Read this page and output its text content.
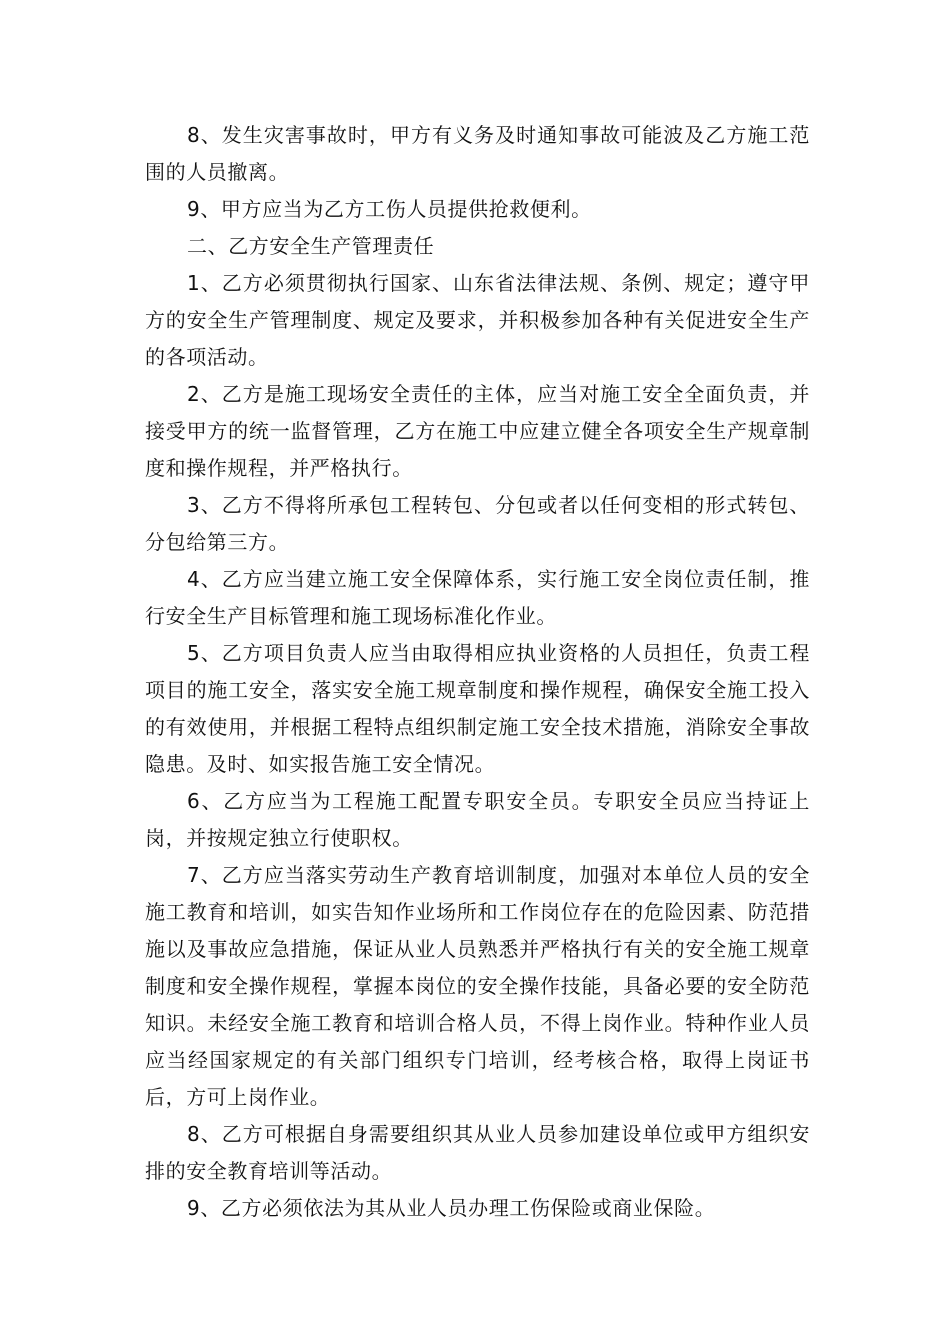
8、发生灾害事故时，甲方有义务及时通知事故可能波及乙方施工范围的人员撤离。

9、甲方应当为乙方工伤人员提供抢救便利。

二、乙方安全生产管理责任

1、乙方必须贯彻执行国家、山东省法律法规、条例、规定；遵守甲方的安全生产管理制度、规定及要求，并积极参加各种有关促进安全生产的各项活动。

2、乙方是施工现场安全责任的主体，应当对施工安全全面负责，并接受甲方的统一监督管理，乙方在施工中应建立健全各项安全生产规章制度和操作规程，并严格执行。

3、乙方不得将所承包工程转包、分包或者以任何变相的形式转包、分包给第三方。

4、乙方应当建立施工安全保障体系，实行施工安全岗位责任制，推行安全生产目标管理和施工现场标准化作业。

5、乙方项目负责人应当由取得相应执业资格的人员担任，负责工程项目的施工安全，落实安全施工规章制度和操作规程，确保安全施工投入的有效使用，并根据工程特点组织制定施工安全技术措施，消除安全事故隐患。及时、如实报告施工安全情况。

6、乙方应当为工程施工配置专职安全员。专职安全员应当持证上岗，并按规定独立行使职权。

7、乙方应当落实劳动生产教育培训制度，加强对本单位人员的安全施工教育和培训，如实告知作业场所和工作岗位存在的危险因素、防范措施以及事故应急措施，保证从业人员熟悉并严格执行有关的安全施工规章制度和安全操作规程，掌握本岗位的安全操作技能，具备必要的安全防范知识。未经安全施工教育和培训合格人员，不得上岗作业。特种作业人员应当经国家规定的有关部门组织专门培训，经考核合格，取得上岗证书后，方可上岗作业。

8、乙方可根据自身需要组织其从业人员参加建设单位或甲方组织安排的安全教育培训等活动。

9、乙方必须依法为其从业人员办理工伤保险或商业保险。
